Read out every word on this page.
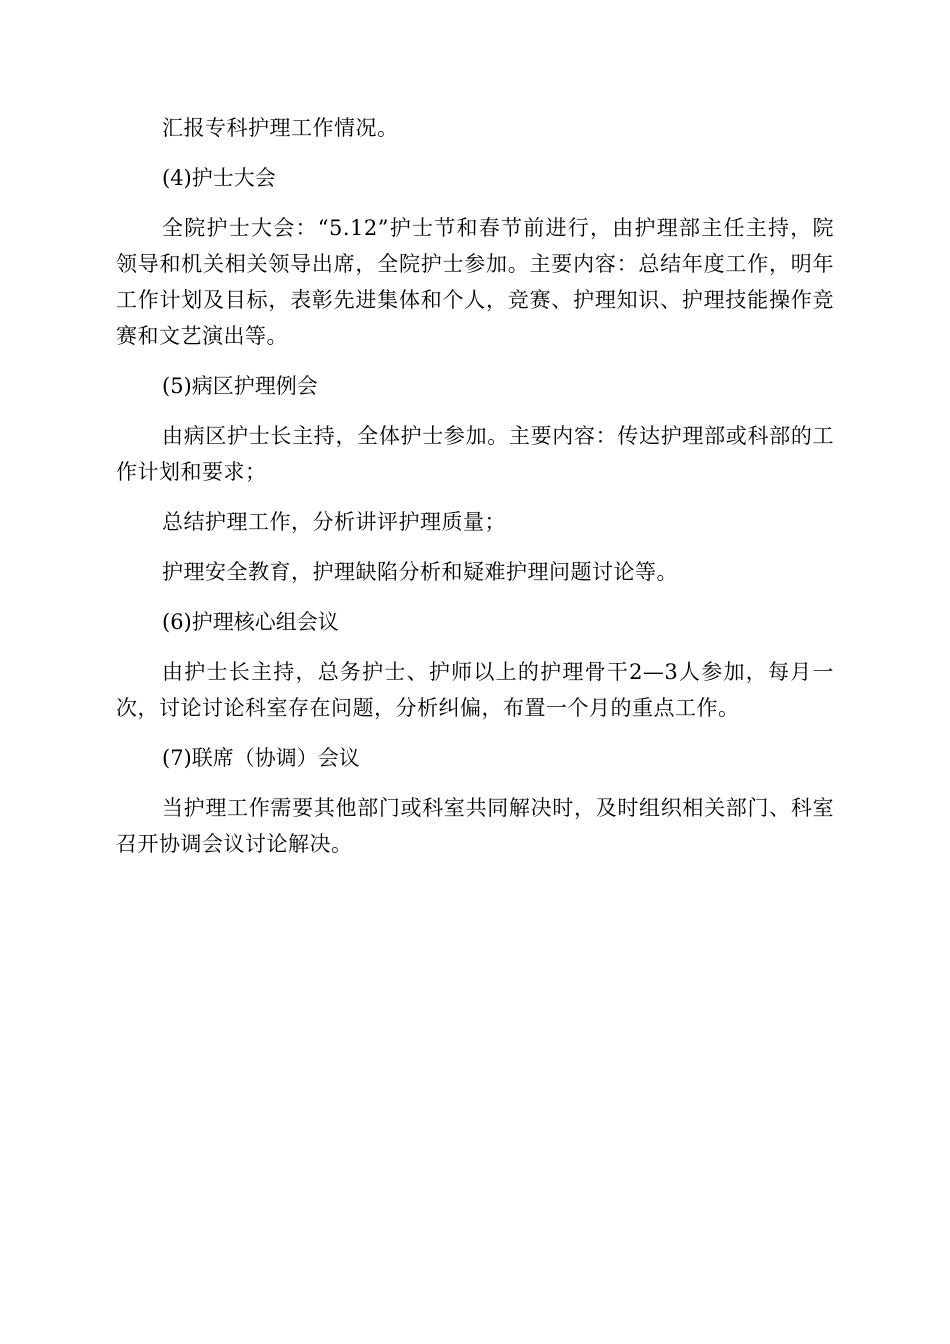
汇报专科护理工作情况。

(4)护士大会

全院护士大会：“5.12”护士节和春节前进行，由护理部主任主持，院领导和机关相关领导出席，全院护士参加。主要内容：总结年度工作，明年工作计划及目标，表彰先进集体和个人，竞赛、护理知识、护理技能操作竞赛和文艺演出等。

(5)病区护理例会

由病区护士长主持，全体护士参加。主要内容：传达护理部或科部的工作计划和要求；

总结护理工作，分析讲评护理质量；

护理安全教育，护理缺陷分析和疑难护理问题讨论等。

(6)护理核心组会议

由护士长主持，总务护士、护师以上的护理骨干2—3人参加，每月一次，讨论讨论科室存在问题，分析纠偏，布置一个月的重点工作。

(7)联席（协调）会议

当护理工作需要其他部门或科室共同解决时，及时组织相关部门、科室召开协调会议讨论解决。
